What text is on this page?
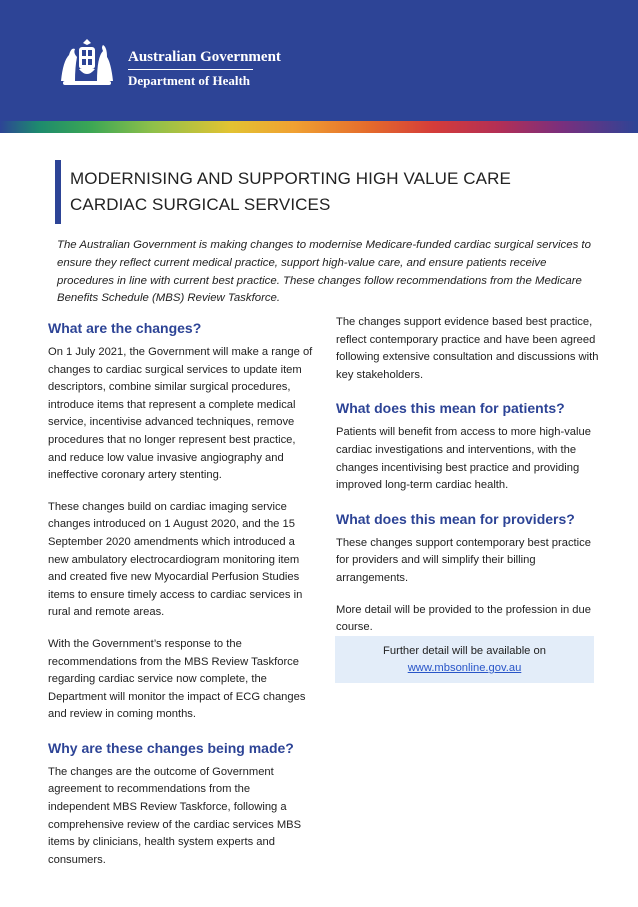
Australian Government
Department of Health
MODERNISING AND SUPPORTING HIGH VALUE CARE
CARDIAC SURGICAL SERVICES
The Australian Government is making changes to modernise Medicare-funded cardiac surgical services to ensure they reflect current medical practice, support high-value care, and ensure patients receive procedures in line with current best practice. These changes follow recommendations from the Medicare Benefits Schedule (MBS) Review Taskforce.
What are the changes?

On 1 July 2021, the Government will make a range of changes to cardiac surgical services to update item descriptors, combine similar surgical procedures, introduce items that represent a complete medical service, incentivise advanced techniques, remove procedures that no longer represent best practice, and reduce low value invasive angiography and ineffective coronary artery stenting.

These changes build on cardiac imaging service changes introduced on 1 August 2020, and the 15 September 2020 amendments which introduced a new ambulatory electrocardiogram monitoring item and created five new Myocardial Perfusion Studies items to ensure timely access to cardiac services in rural and remote areas.

With the Government’s response to the recommendations from the MBS Review Taskforce regarding cardiac service now complete, the Department will monitor the impact of ECG changes and review in coming months.

Why are these changes being made?

The changes are the outcome of Government agreement to recommendations from the independent MBS Review Taskforce, following a comprehensive review of the cardiac services MBS items by clinicians, health system experts and consumers.

The changes support evidence based best practice, reflect contemporary practice and have been agreed following extensive consultation and discussions with key stakeholders.

What does this mean for patients?

Patients will benefit from access to more high-value cardiac investigations and interventions, with the changes incentivising best practice and providing improved long-term cardiac health.

What does this mean for providers?

These changes support contemporary best practice for providers and will simplify their billing arrangements.

More detail will be provided to the profession in due course.

Further detail will be available on
www.mbsonline.gov.au
